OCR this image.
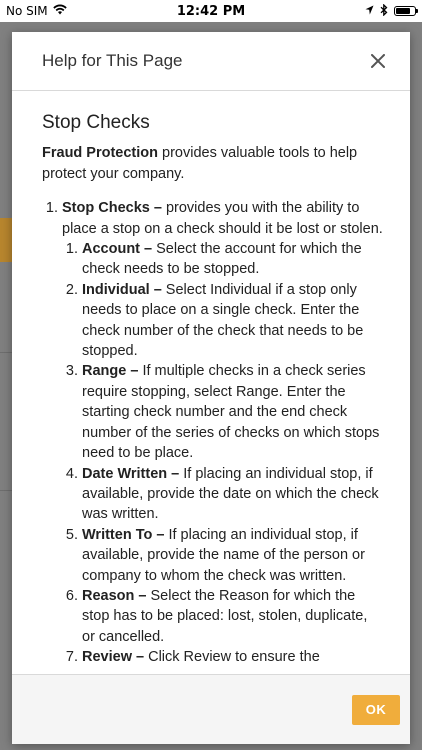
No SIM	12:42 PM
Help for This Page
Stop Checks

Fraud Protection provides valuable tools to help protect your company.

1. Stop Checks – provides you with the ability to place a stop on a check should it be lost or stolen.
1. Account – Select the account for which the check needs to be stopped.
2. Individual – Select Individual if a stop only needs to place on a single check. Enter the check number of the check that needs to be stopped.
3. Range – If multiple checks in a check series require stopping, select Range. Enter the starting check number and the end check number of the series of checks on which stops need to be place.
4. Date Written – If placing an individual stop, if available, provide the date on which the check was written.
5. Written To – If placing an individual stop, if available, provide the name of the person or company to whom the check was written.
6. Reason – Select the Reason for which the stop has to be placed: lost, stolen, duplicate, or cancelled.
7. Review – Click Review to ensure the
OK
